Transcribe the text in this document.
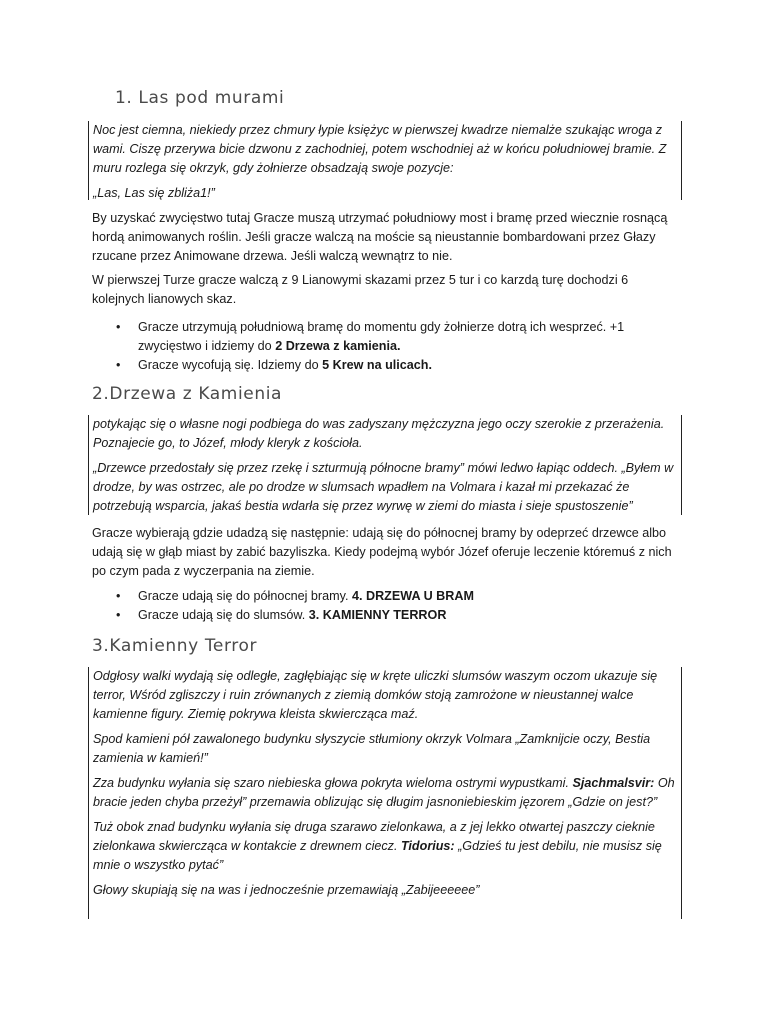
1. Las pod murami

Noc jest ciemna, niekiedy przez chmury łypie księżyc w pierwszej kwadrze niemalże szukając wroga z wami. Ciszę przerywa bicie dzwonu z zachodniej, potem wschodniej aż w końcu południowej bramie. Z muru rozlega się okrzyk, gdy żołnierze obsadzają swoje pozycje:

„Las, Las się zbliża1!”

By uzyskać zwycięstwo tutaj Gracze muszą utrzymać południowy most i bramę przed wiecznie rosnącą hordą animowanych roślin. Jeśli gracze walczą na moście są nieustannie bombardowani przez Głazy rzucane przez Animowane drzewa. Jeśli walczą wewnątrz to nie.

W pierwszej Turze gracze walczą z 9 Lianowymi skazami przez 5 tur i co karzdą turę dochodzi 6 kolejnych lianowych skaz.

• Gracze utrzymują południową bramę do momentu gdy żołnierze dotrą ich wesprzeć. +1 zwycięstwo i idziemy do 2 Drzewa z kamienia.
• Gracze wycofują się. Idziemy do 5 Krew na ulicach.
2.Drzewa z Kamienia

potykając się o własne nogi podbiega do was zadyszany mężczyzna jego oczy szerokie z przerażenia. Poznajecie go, to Józef, młody kleryk z kościoła.

„Drzewce przedostały się przez rzekę i szturmują północne bramy” mówi ledwo łapiąc oddech. „Byłem w drodze, by was ostrzec, ale po drodze w slumsach wpadłem na Volmara i kazał mi przekazać że potrzebują wsparcia, jakaś bestia wdarła się przez wyrwę w ziemi do miasta i sieje spustoszenie”

Gracze wybierają gdzie udadzą się następnie: udają się do północnej bramy by odeprzeć drzewce albo udają się w głąb miast by zabić bazyliszka. Kiedy podejmą wybór Józef oferuje leczenie któremuś z nich po czym pada z wyczerpania na ziemie.

• Gracze udają się do północnej bramy. 4. DRZEWA U BRAM
• Gracze udają się do slumsów. 3. KAMIENNY TERROR
3.Kamienny Terror

Odgłosy walki wydają się odległe, zagłębiając się w kręte uliczki slumsów waszym oczom ukazuje się terror, Wśród zgliszczy i ruin zrównanych z ziemią domków stoją zamrożone w nieustannej walce kamienne figury. Ziemię pokrywa kleista skwiercząca maź.

Spod kamieni pół zawalonego budynku słyszycie stłumiony okrzyk Volmara „Zamknijcie oczy, Bestia zamienia w kamień!”

Zza budynku wyłania się szaro niebieska głowa pokryta wieloma ostrymi wypustkami. Sjachmalsvir: Oh bracie jeden chyba przeżył” przemawia oblizując się długim jasnoniebieskim jęzorem „Gdzie on jest?”

Tuż obok znad budynku wyłania się druga szarawo zielonkawa, a z jej lekko otwartej paszczy cieknie zielonkawa skwiercząca w kontakcie z drewnem ciecz. Tidorius: „Gdzieś tu jest debilu, nie musisz się mnie o wszystko pytać”

Głowy skupiają się na was i jednocześnie przemawiają „Zabijeeeeee”
